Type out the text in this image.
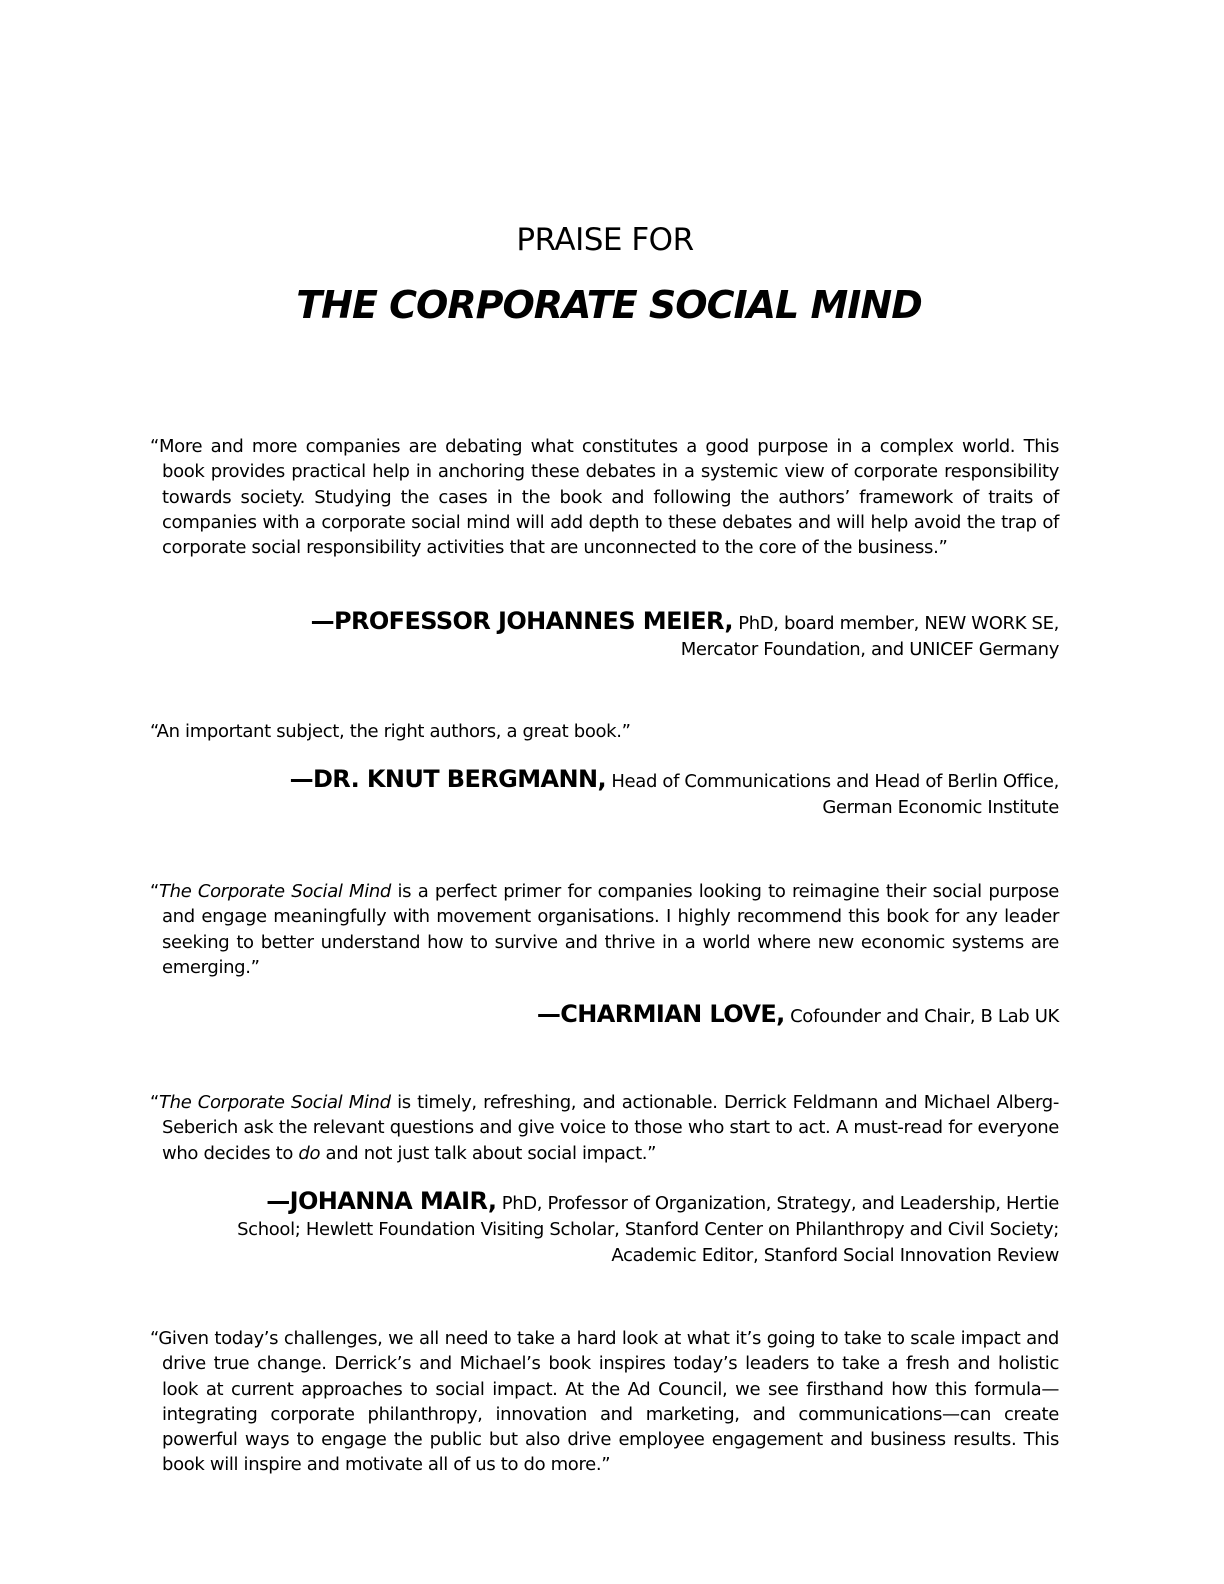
PRAISE FOR
THE CORPORATE SOCIAL MIND

“More and more companies are debating what constitutes a good purpose in a complex world. This book provides practical help in anchoring these debates in a systemic view of corporate responsibility towards society. Studying the cases in the book and following the authors’ framework of traits of companies with a corporate social mind will add depth to these debates and will help avoid the trap of corporate social responsibility activities that are unconnected to the core of the business.”

—PROFESSOR JOHANNES MEIER, PhD, board member, NEW WORK SE,
Mercator Foundation, and UNICEF Germany

“An important subject, the right authors, a great book.”

—DR. KNUT BERGMANN, Head of Communications and Head of Berlin Office,
German Economic Institute

“The Corporate Social Mind is a perfect primer for companies looking to reimagine their social purpose and engage meaningfully with movement organisations. I highly recommend this book for any leader seeking to better understand how to survive and thrive in a world where new economic systems are emerging.”

—CHARMIAN LOVE, Cofounder and Chair, B Lab UK

“The Corporate Social Mind is timely, refreshing, and actionable. Derrick Feldmann and Michael Alberg-Seberich ask the relevant questions and give voice to those who start to act. A must-read for everyone who decides to do and not just talk about social impact.”

—JOHANNA MAIR, PhD, Professor of Organization, Strategy, and Leadership, Hertie
School; Hewlett Foundation Visiting Scholar, Stanford Center on Philanthropy and Civil Society;
Academic Editor, Stanford Social Innovation Review

“Given today’s challenges, we all need to take a hard look at what it’s going to take to scale impact and drive true change. Derrick’s and Michael’s book inspires today’s leaders to take a fresh and holistic look at current approaches to social impact. At the Ad Council, we see firsthand how this formula—integrating corporate philanthropy, innovation and marketing, and communications—can create powerful ways to engage the public but also drive employee engagement and business results. This book will inspire and motivate all of us to do more.”
